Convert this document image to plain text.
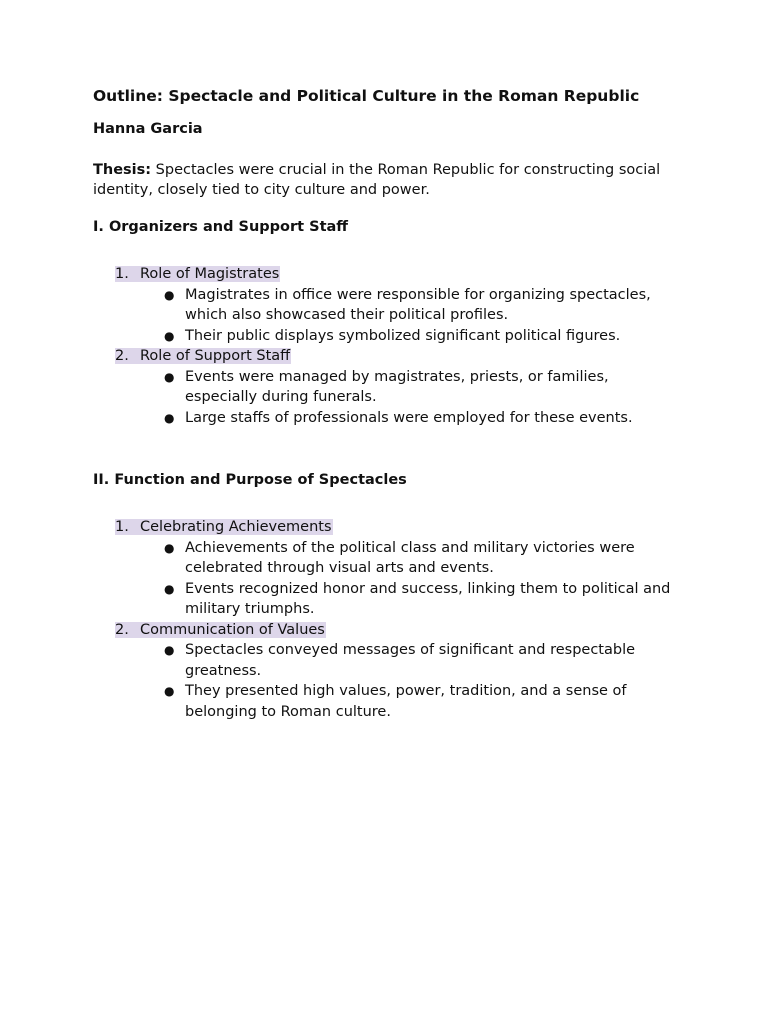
Outline: Spectacle and Political Culture in the Roman Republic
Hanna Garcia
Thesis: Spectacles were crucial in the Roman Republic for constructing social identity, closely tied to city culture and power.
I. Organizers and Support Staff
1. Role of Magistrates
● Magistrates in office were responsible for organizing spectacles, which also showcased their political profiles.
● Their public displays symbolized significant political figures.
2. Role of Support Staff
● Events were managed by magistrates, priests, or families, especially during funerals.
● Large staffs of professionals were employed for these events.
II. Function and Purpose of Spectacles
1. Celebrating Achievements
● Achievements of the political class and military victories were celebrated through visual arts and events.
● Events recognized honor and success, linking them to political and military triumphs.
2. Communication of Values
● Spectacles conveyed messages of significant and respectable greatness.
● They presented high values, power, tradition, and a sense of belonging to Roman culture.
